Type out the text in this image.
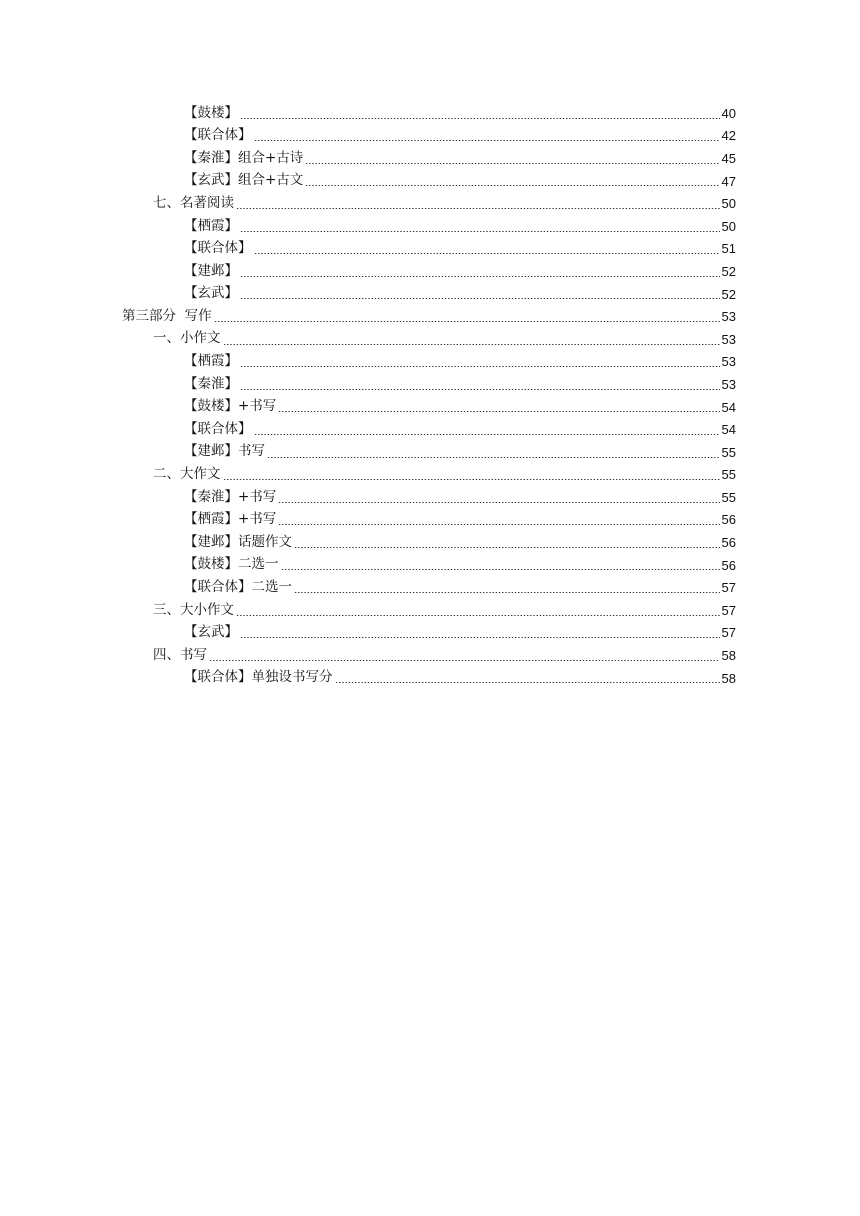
【鼓楼】	40
【联合体】	42
【秦淮】组合+古诗	45
【玄武】组合+古文	47
七、名著阅读	50
【栖霞】	50
【联合体】	51
【建邺】	52
【玄武】	52
第三部分  写作	53
一、小作文	53
【栖霞】	53
【秦淮】	53
【鼓楼】+书写	54
【联合体】	54
【建邺】书写	55
二、大作文	55
【秦淮】+书写	55
【栖霞】+书写	56
【建邺】话题作文	56
【鼓楼】二选一	56
【联合体】二选一	57
三、大小作文	57
【玄武】	57
四、书写	58
【联合体】单独设书写分	58
